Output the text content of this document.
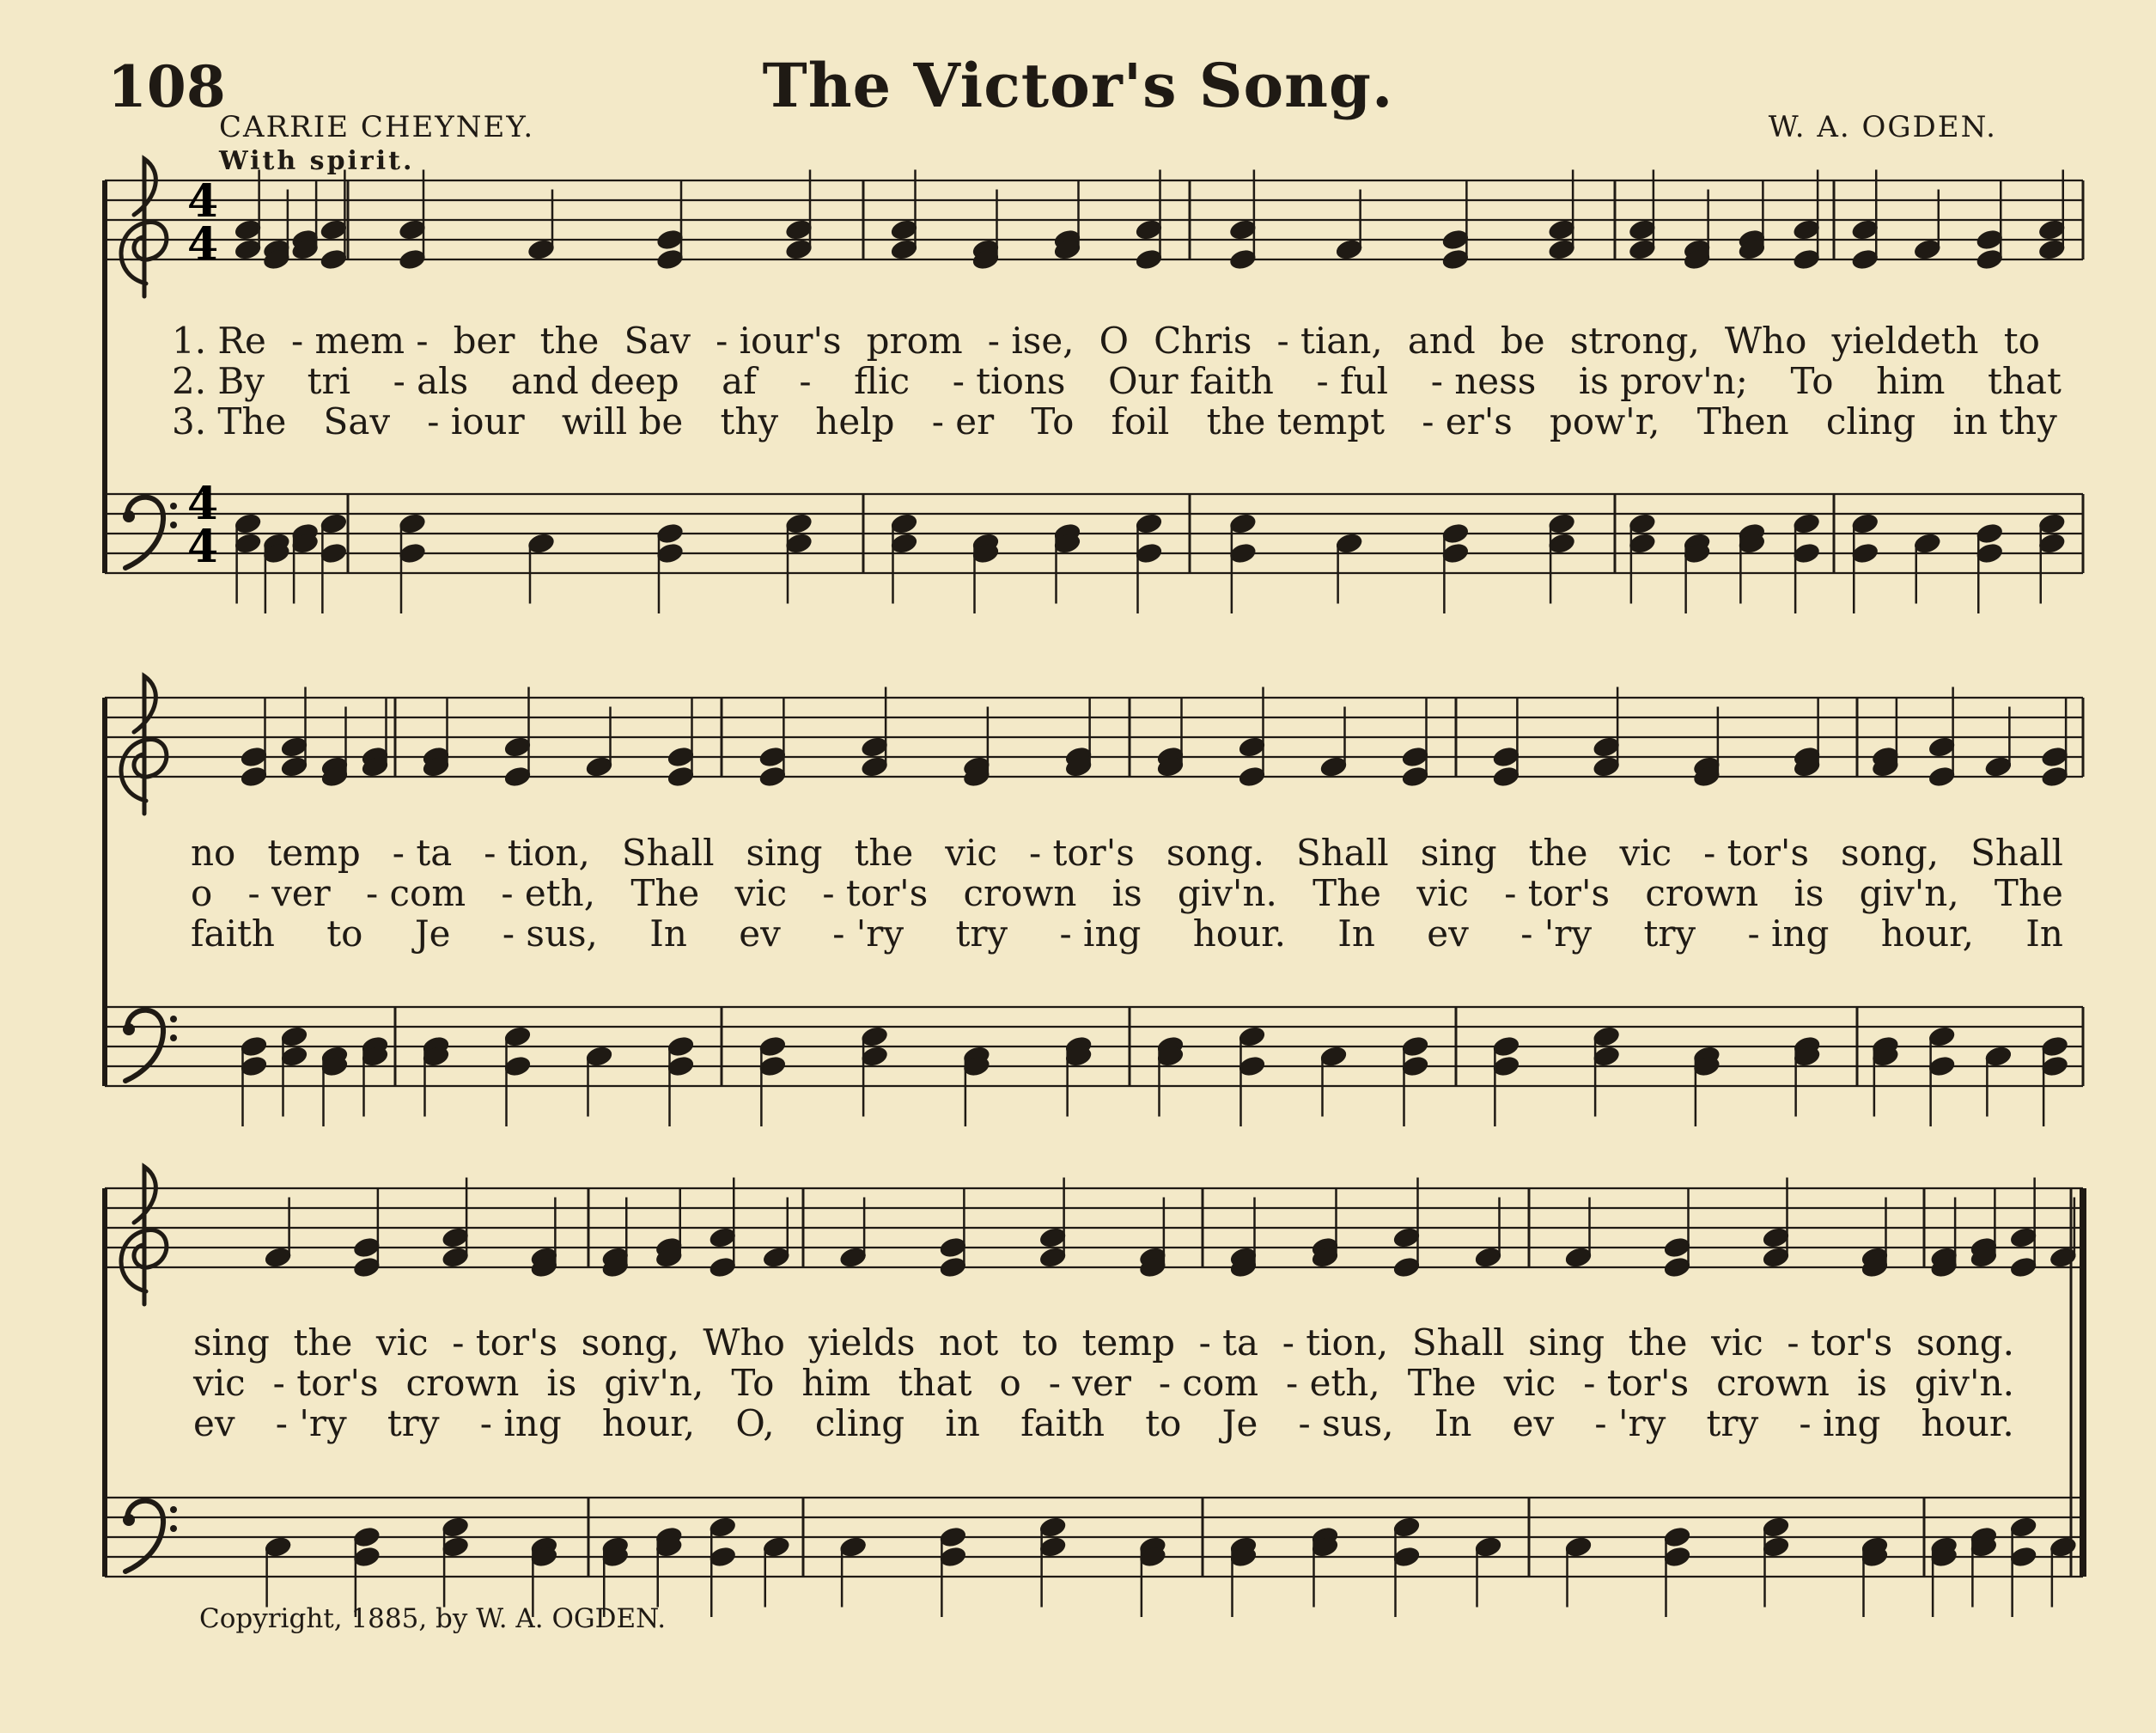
108	The Victor's Song.
CARRIE CHEYNEY.	W. A. OGDEN.
With spirit.
4
4
4
4
1. Re - mem - ber the Sav - iour's prom - ise, O Chris - tian, and be strong, Who yieldeth to
2. By tri - als and deep af - flic - tions Our faith - ful - ness is prov'n; To him that
3. The Sav - iour will be thy help - er To foil the tempt - er's pow'r, Then cling in thy
no temp - ta - tion, Shall sing the vic - tor's song. Shall sing the vic - tor's song, Shall
o - ver - com - eth, The vic - tor's crown is giv'n. The vic - tor's crown is giv'n, The
faith to Je - sus, In ev - 'ry try - ing hour. In ev - 'ry try - ing hour, In
sing the vic - tor's song, Who yields not to temp - ta - tion, Shall sing the vic - tor's song.
vic - tor's crown is giv'n, To him that o - ver - com - eth, The vic - tor's crown is giv'n.
ev - 'ry try - ing hour, O, cling in faith to Je - sus, In ev - 'ry try - ing hour.
Copyright, 1885, by W. A. OGDEN.
